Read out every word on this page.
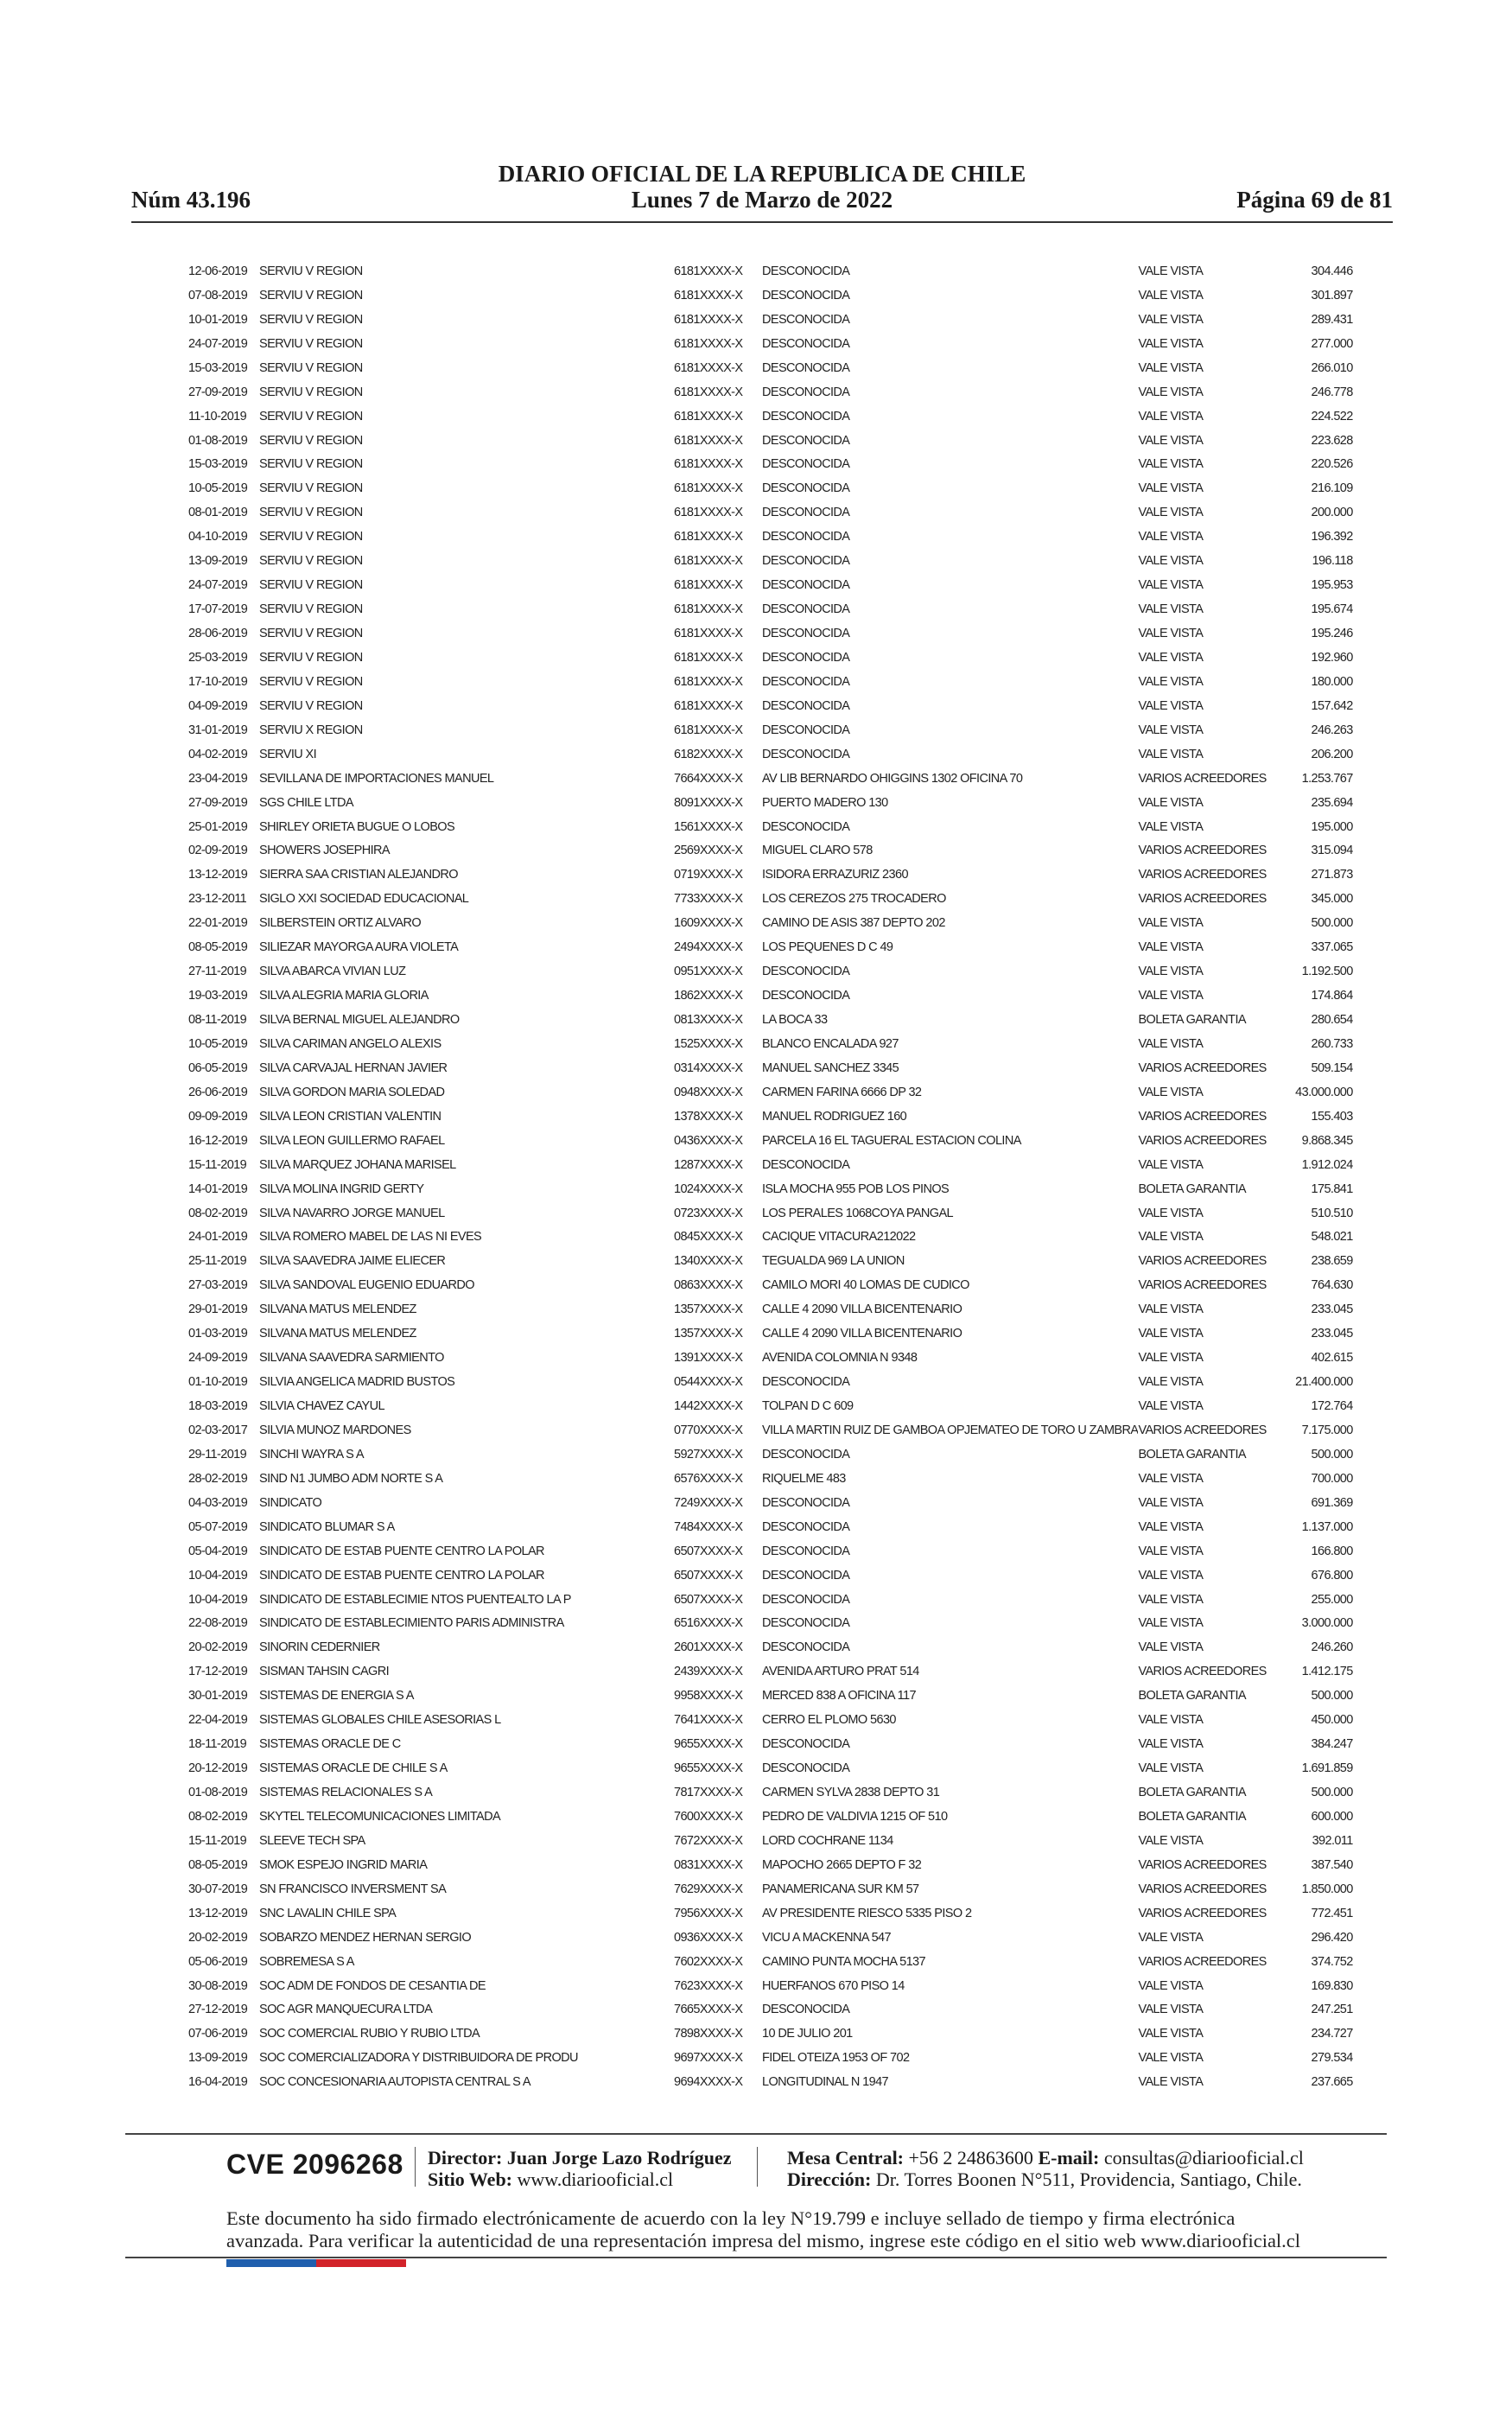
Núm 43.196
DIARIO OFICIAL DE LA REPUBLICA DE CHILE
Lunes 7 de Marzo de 2022	Página 69 de 81
12-06-2019	SERVIU V REGION	6181XXXX-X	DESCONOCIDA	VALE VISTA	304.446
07-08-2019	SERVIU V REGION	6181XXXX-X	DESCONOCIDA	VALE VISTA	301.897
10-01-2019	SERVIU V REGION	6181XXXX-X	DESCONOCIDA	VALE VISTA	289.431
24-07-2019	SERVIU V REGION	6181XXXX-X	DESCONOCIDA	VALE VISTA	277.000
15-03-2019	SERVIU V REGION	6181XXXX-X	DESCONOCIDA	VALE VISTA	266.010
27-09-2019	SERVIU V REGION	6181XXXX-X	DESCONOCIDA	VALE VISTA	246.778
11-10-2019	SERVIU V REGION	6181XXXX-X	DESCONOCIDA	VALE VISTA	224.522
01-08-2019	SERVIU V REGION	6181XXXX-X	DESCONOCIDA	VALE VISTA	223.628
15-03-2019	SERVIU V REGION	6181XXXX-X	DESCONOCIDA	VALE VISTA	220.526
10-05-2019	SERVIU V REGION	6181XXXX-X	DESCONOCIDA	VALE VISTA	216.109
08-01-2019	SERVIU V REGION	6181XXXX-X	DESCONOCIDA	VALE VISTA	200.000
04-10-2019	SERVIU V REGION	6181XXXX-X	DESCONOCIDA	VALE VISTA	196.392
13-09-2019	SERVIU V REGION	6181XXXX-X	DESCONOCIDA	VALE VISTA	196.118
24-07-2019	SERVIU V REGION	6181XXXX-X	DESCONOCIDA	VALE VISTA	195.953
17-07-2019	SERVIU V REGION	6181XXXX-X	DESCONOCIDA	VALE VISTA	195.674
28-06-2019	SERVIU V REGION	6181XXXX-X	DESCONOCIDA	VALE VISTA	195.246
25-03-2019	SERVIU V REGION	6181XXXX-X	DESCONOCIDA	VALE VISTA	192.960
17-10-2019	SERVIU V REGION	6181XXXX-X	DESCONOCIDA	VALE VISTA	180.000
04-09-2019	SERVIU V REGION	6181XXXX-X	DESCONOCIDA	VALE VISTA	157.642
31-01-2019	SERVIU X REGION	6181XXXX-X	DESCONOCIDA	VALE VISTA	246.263
04-02-2019	SERVIU XI	6182XXXX-X	DESCONOCIDA	VALE VISTA	206.200
23-04-2019	SEVILLANA DE IMPORTACIONES MANUEL	7664XXXX-X	AV LIB BERNARDO OHIGGINS 1302 OFICINA 70	VARIOS ACREEDORES	1.253.767
27-09-2019	SGS CHILE LTDA	8091XXXX-X	PUERTO MADERO 130	VALE VISTA	235.694
25-01-2019	SHIRLEY ORIETA BUGUE O LOBOS	1561XXXX-X	DESCONOCIDA	VALE VISTA	195.000
02-09-2019	SHOWERS JOSEPHIRA	2569XXXX-X	MIGUEL CLARO 578	VARIOS ACREEDORES	315.094
13-12-2019	SIERRA SAA CRISTIAN ALEJANDRO	0719XXXX-X	ISIDORA ERRAZURIZ 2360	VARIOS ACREEDORES	271.873
23-12-2011	SIGLO XXI SOCIEDAD EDUCACIONAL	7733XXXX-X	LOS CEREZOS 275 TROCADERO	VARIOS ACREEDORES	345.000
22-01-2019	SILBERSTEIN ORTIZ ALVARO	1609XXXX-X	CAMINO DE ASIS 387 DEPTO 202	VALE VISTA	500.000
08-05-2019	SILIEZAR MAYORGA AURA VIOLETA	2494XXXX-X	LOS PEQUENES D C 49	VALE VISTA	337.065
27-11-2019	SILVA ABARCA VIVIAN LUZ	0951XXXX-X	DESCONOCIDA	VALE VISTA	1.192.500
19-03-2019	SILVA ALEGRIA MARIA GLORIA	1862XXXX-X	DESCONOCIDA	VALE VISTA	174.864
08-11-2019	SILVA BERNAL MIGUEL ALEJANDRO	0813XXXX-X	LA BOCA 33	BOLETA GARANTIA	280.654
10-05-2019	SILVA CARIMAN ANGELO ALEXIS	1525XXXX-X	BLANCO ENCALADA 927	VALE VISTA	260.733
06-05-2019	SILVA CARVAJAL HERNAN JAVIER	0314XXXX-X	MANUEL SANCHEZ 3345	VARIOS ACREEDORES	509.154
26-06-2019	SILVA GORDON MARIA SOLEDAD	0948XXXX-X	CARMEN FARINA 6666 DP 32	VALE VISTA	43.000.000
09-09-2019	SILVA LEON CRISTIAN VALENTIN	1378XXXX-X	MANUEL RODRIGUEZ 160	VARIOS ACREEDORES	155.403
16-12-2019	SILVA LEON GUILLERMO RAFAEL	0436XXXX-X	PARCELA 16 EL TAGUERAL ESTACION COLINA	VARIOS ACREEDORES	9.868.345
15-11-2019	SILVA MARQUEZ JOHANA MARISEL	1287XXXX-X	DESCONOCIDA	VALE VISTA	1.912.024
14-01-2019	SILVA MOLINA INGRID GERTY	1024XXXX-X	ISLA MOCHA 955 POB LOS PINOS	BOLETA GARANTIA	175.841
08-02-2019	SILVA NAVARRO JORGE MANUEL	0723XXXX-X	LOS PERALES 1068COYA PANGAL	VALE VISTA	510.510
24-01-2019	SILVA ROMERO MABEL DE LAS NI EVES	0845XXXX-X	CACIQUE VITACURA212022	VALE VISTA	548.021
25-11-2019	SILVA SAAVEDRA JAIME ELIECER	1340XXXX-X	TEGUALDA 969 LA UNION	VARIOS ACREEDORES	238.659
27-03-2019	SILVA SANDOVAL EUGENIO EDUARDO	0863XXXX-X	CAMILO MORI 40 LOMAS DE CUDICO	VARIOS ACREEDORES	764.630
29-01-2019	SILVANA MATUS MELENDEZ	1357XXXX-X	CALLE 4 2090 VILLA BICENTENARIO	VALE VISTA	233.045
01-03-2019	SILVANA MATUS MELENDEZ	1357XXXX-X	CALLE 4 2090 VILLA BICENTENARIO	VALE VISTA	233.045
24-09-2019	SILVANA SAAVEDRA SARMIENTO	1391XXXX-X	AVENIDA COLOMNIA N 9348	VALE VISTA	402.615
01-10-2019	SILVIA ANGELICA MADRID BUSTOS	0544XXXX-X	DESCONOCIDA	VALE VISTA	21.400.000
18-03-2019	SILVIA CHAVEZ CAYUL	1442XXXX-X	TOLPAN D C 609	VALE VISTA	172.764
02-03-2017	SILVIA MUNOZ MARDONES	0770XXXX-X	VILLA MARTIN RUIZ DE GAMBOA OPJEMATEO DE TORO U ZAMBRA	VARIOS ACREEDORES	7.175.000
29-11-2019	SINCHI WAYRA S A	5927XXXX-X	DESCONOCIDA	BOLETA GARANTIA	500.000
28-02-2019	SIND N1 JUMBO ADM NORTE S A	6576XXXX-X	RIQUELME 483	VALE VISTA	700.000
04-03-2019	SINDICATO	7249XXXX-X	DESCONOCIDA	VALE VISTA	691.369
05-07-2019	SINDICATO BLUMAR S A	7484XXXX-X	DESCONOCIDA	VALE VISTA	1.137.000
05-04-2019	SINDICATO DE ESTAB PUENTE CENTRO LA POLAR	6507XXXX-X	DESCONOCIDA	VALE VISTA	166.800
10-04-2019	SINDICATO DE ESTAB PUENTE CENTRO LA POLAR	6507XXXX-X	DESCONOCIDA	VALE VISTA	676.800
10-04-2019	SINDICATO DE ESTABLECIMIE NTOS PUENTEALTO LA P	6507XXXX-X	DESCONOCIDA	VALE VISTA	255.000
22-08-2019	SINDICATO DE ESTABLECIMIENTO PARIS ADMINISTRA	6516XXXX-X	DESCONOCIDA	VALE VISTA	3.000.000
20-02-2019	SINORIN CEDERNIER	2601XXXX-X	DESCONOCIDA	VALE VISTA	246.260
17-12-2019	SISMAN TAHSIN CAGRI	2439XXXX-X	AVENIDA ARTURO PRAT 514	VARIOS ACREEDORES	1.412.175
30-01-2019	SISTEMAS DE ENERGIA S A	9958XXXX-X	MERCED 838 A OFICINA 117	BOLETA GARANTIA	500.000
22-04-2019	SISTEMAS GLOBALES CHILE ASESORIAS L	7641XXXX-X	CERRO EL PLOMO 5630	VALE VISTA	450.000
18-11-2019	SISTEMAS ORACLE DE C	9655XXXX-X	DESCONOCIDA	VALE VISTA	384.247
20-12-2019	SISTEMAS ORACLE DE CHILE S A	9655XXXX-X	DESCONOCIDA	VALE VISTA	1.691.859
01-08-2019	SISTEMAS RELACIONALES S A	7817XXXX-X	CARMEN SYLVA 2838 DEPTO 31	BOLETA GARANTIA	500.000
08-02-2019	SKYTEL TELECOMUNICACIONES LIMITADA	7600XXXX-X	PEDRO DE VALDIVIA 1215 OF 510	BOLETA GARANTIA	600.000
15-11-2019	SLEEVE TECH SPA	7672XXXX-X	LORD COCHRANE 1134	VALE VISTA	392.011
08-05-2019	SMOK ESPEJO INGRID MARIA	0831XXXX-X	MAPOCHO 2665 DEPTO F 32	VARIOS ACREEDORES	387.540
30-07-2019	SN FRANCISCO INVERSMENT SA	7629XXXX-X	PANAMERICANA SUR KM 57	VARIOS ACREEDORES	1.850.000
13-12-2019	SNC LAVALIN CHILE SPA	7956XXXX-X	AV PRESIDENTE RIESCO 5335 PISO 2	VARIOS ACREEDORES	772.451
20-02-2019	SOBARZO MENDEZ HERNAN SERGIO	0936XXXX-X	VICU A MACKENNA 547	VALE VISTA	296.420
05-06-2019	SOBREMESA S A	7602XXXX-X	CAMINO PUNTA MOCHA 5137	VARIOS ACREEDORES	374.752
30-08-2019	SOC ADM DE FONDOS DE CESANTIA DE	7623XXXX-X	HUERFANOS 670 PISO 14	VALE VISTA	169.830
27-12-2019	SOC AGR MANQUECURA LTDA	7665XXXX-X	DESCONOCIDA	VALE VISTA	247.251
07-06-2019	SOC COMERCIAL RUBIO Y RUBIO LTDA	7898XXXX-X	10 DE JULIO 201	VALE VISTA	234.727
13-09-2019	SOC COMERCIALIZADORA Y DISTRIBUIDORA DE PRODU	9697XXXX-X	FIDEL OTEIZA 1953 OF 702	VALE VISTA	279.534
16-04-2019	SOC CONCESIONARIA AUTOPISTA CENTRAL S A	9694XXXX-X	LONGITUDINAL N 1947	VALE VISTA	237.665
CVE 2096268 Director: Juan Jorge Lazo Rodríguez
Sitio Web: www.diariooficial.cl
Mesa Central: +56 2 24863600 E-mail: consultas@diariooficial.cl
Dirección: Dr. Torres Boonen N°511, Providencia, Santiago, Chile.
Este documento ha sido firmado electrónicamente de acuerdo con la ley N°19.799 e incluye sellado de tiempo y firma electrónica avanzada. Para verificar la autenticidad de una representación impresa del mismo, ingrese este código en el sitio web www.diariooficial.cl
